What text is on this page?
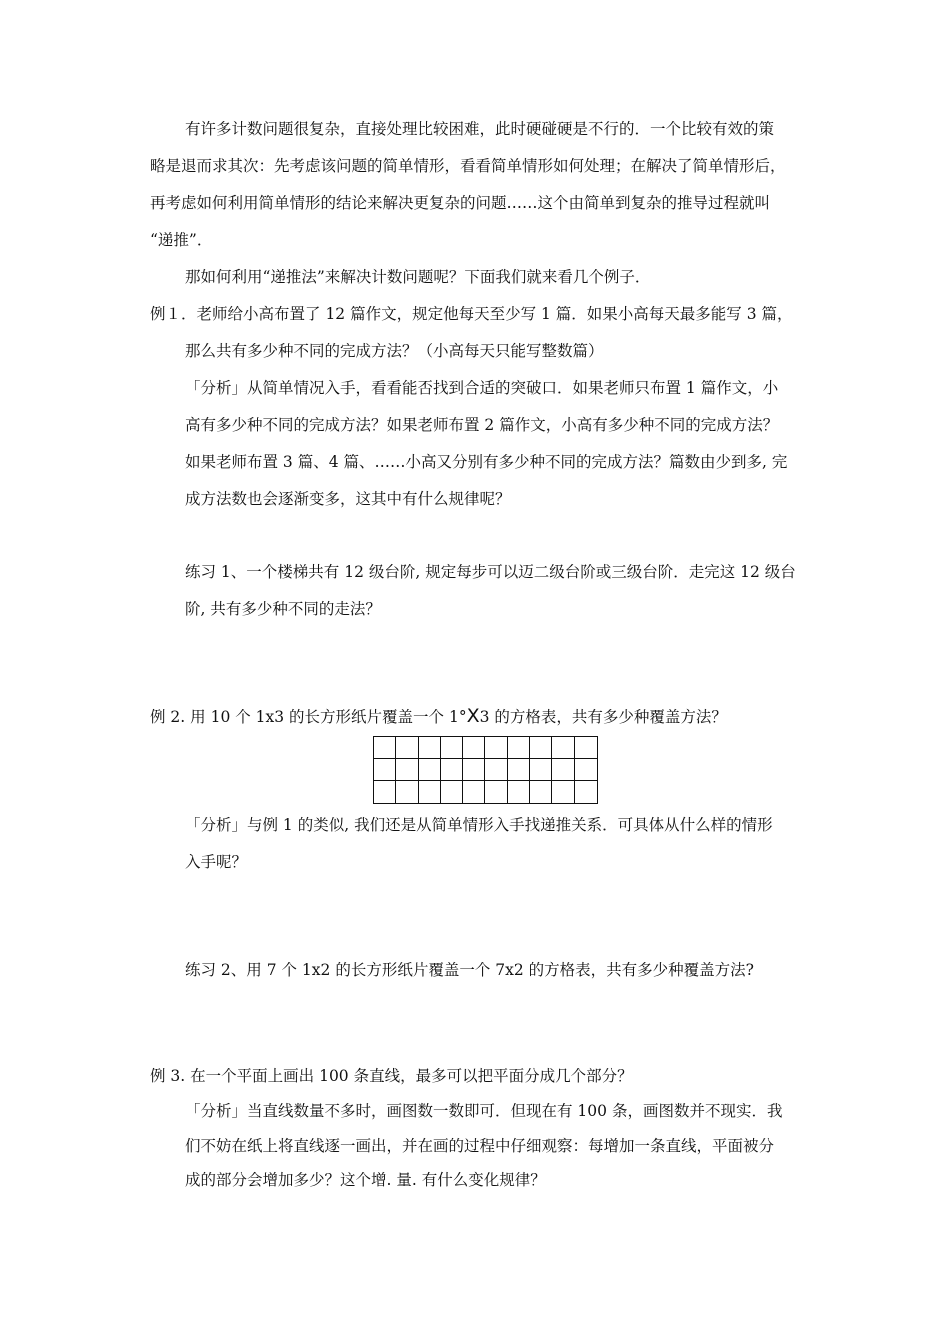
有许多计数问题很复杂，直接处理比较困难，此时硬碰硬是不行的．一个比较有效的策
略是退而求其次：先考虑该问题的简单情形，看看简单情形如何处理；在解决了简单情形后，
再考虑如何利用简单情形的结论来解决更复杂的问题……这个由简单到复杂的推导过程就叫
“递推”．
那如何利用“递推法”来解决计数问题呢？下面我们就来看几个例子．
例１．老师给小高布置了 12 篇作文，规定他每天至少写 1 篇．如果小高每天最多能写 3 篇，
那么共有多少种不同的完成方法？（小高每天只能写整数篇）
「分析」从简单情况入手，看看能否找到合适的突破口．如果老师只布置 1 篇作文，小
高有多少种不同的完成方法？如果老师布置 2 篇作文，小高有多少种不同的完成方法？
如果老师布置 3 篇、4 篇、……小高又分别有多少种不同的完成方法？篇数由少到多, 完
成方法数也会逐渐变多，这其中有什么规律呢？
练习 1、一个楼梯共有 12 级台阶, 规定每步可以迈二级台阶或三级台阶．走完这 12 级台
阶, 共有多少种不同的走法？
例 2. 用 10 个 1x3 的长方形纸片覆盖一个 1°X3 的方格表，共有多少种覆盖方法？
「分析」与例 1 的类似, 我们还是从简单情形入手找递推关系．可具体从什么样的情形
入手呢？
练习 2、用 7 个 1x2 的长方形纸片覆盖一个 7x2 的方格表，共有多少种覆盖方法?
例 3. 在一个平面上画出 100 条直线，最多可以把平面分成几个部分？
「分析」当直线数量不多时，画图数一数即可．但现在有 100 条，画图数并不现实．我
们不妨在纸上将直线逐一画出，并在画的过程中仔细观察：每增加一条直线，平面被分
成的部分会增加多少？这个增. 量. 有什么变化规律？
